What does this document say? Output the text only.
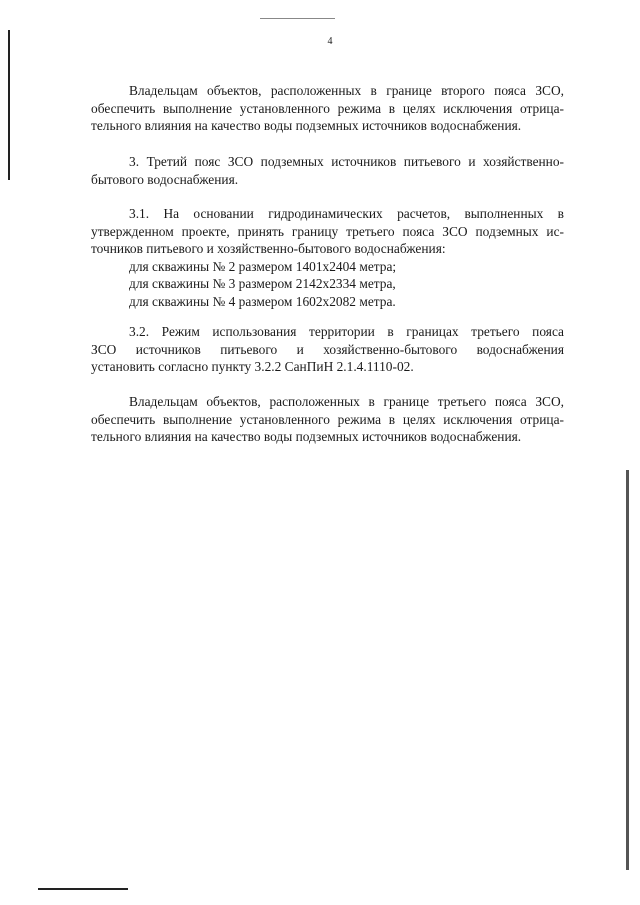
4

Владельцам объектов, расположенных в границе второго пояса ЗСО,
обеспечить выполнение установленного режима в целях исключения отрица-
тельного влияния на качество воды подземных источников водоснабжения.

3. Третий пояс ЗСО подземных источников питьевого и хозяйственно-
бытового водоснабжения.

3.1. На основании гидродинамических расчетов, выполненных в
утвержденном проекте, принять границу третьего пояса ЗСО подземных ис-
точников питьевого и хозяйственно-бытового водоснабжения:
для скважины № 2 размером 1401х2404 метра;
для скважины № 3 размером 2142х2334 метра,
для скважины № 4 размером 1602х2082 метра.

3.2. Режим использования территории в границах третьего пояса
ЗСО источников питьевого и хозяйственно-бытового водоснабжения
установить согласно пункту 3.2.2 СанПиН 2.1.4.1110-02.

Владельцам объектов, расположенных в границе третьего пояса ЗСО,
обеспечить выполнение установленного режима в целях исключения отрица-
тельного влияния на качество воды подземных источников водоснабжения.
